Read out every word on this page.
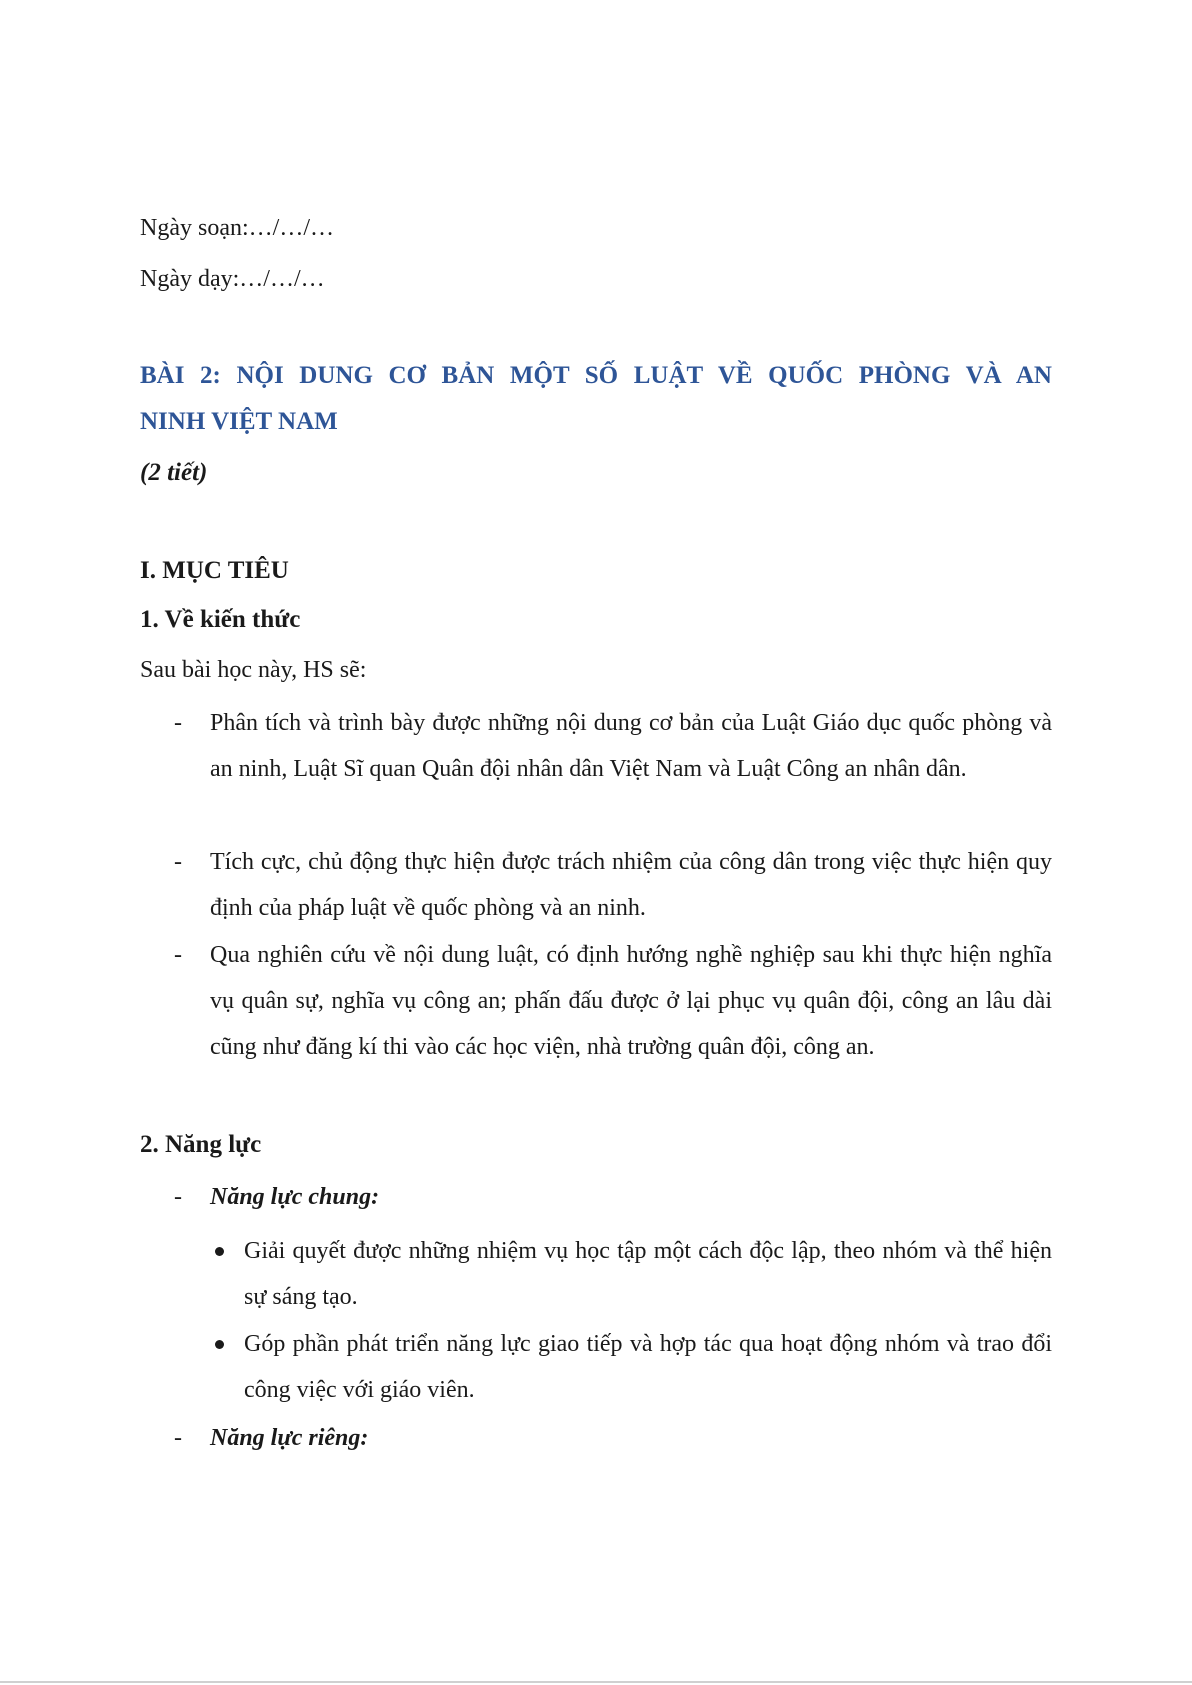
Ngày soạn:…/…/…
Ngày dạy:…/…/…
BÀI 2: NỘI DUNG CƠ BẢN MỘT SỐ LUẬT VỀ QUỐC PHÒNG VÀ AN
NINH VIỆT NAM
(2 tiết)
I. MỤC TIÊU
1. Về kiến thức
Sau bài học này, HS sẽ:
- Phân tích và trình bày được những nội dung cơ bản của Luật Giáo dục quốc phòng và an ninh, Luật Sĩ quan Quân đội nhân dân Việt Nam và Luật Công an nhân dân.
- Tích cực, chủ động thực hiện được trách nhiệm của công dân trong việc thực hiện quy định của pháp luật về quốc phòng và an ninh.
- Qua nghiên cứu về nội dung luật, có định hướng nghề nghiệp sau khi thực hiện nghĩa vụ quân sự, nghĩa vụ công an; phấn đấu được ở lại phục vụ quân đội, công an lâu dài cũng như đăng kí thi vào các học viện, nhà trường quân đội, công an.
2. Năng lực
- Năng lực chung:
Giải quyết được những nhiệm vụ học tập một cách độc lập, theo nhóm và thể hiện sự sáng tạo.
Góp phần phát triển năng lực giao tiếp và hợp tác qua hoạt động nhóm và trao đổi công việc với giáo viên.
- Năng lực riêng:
